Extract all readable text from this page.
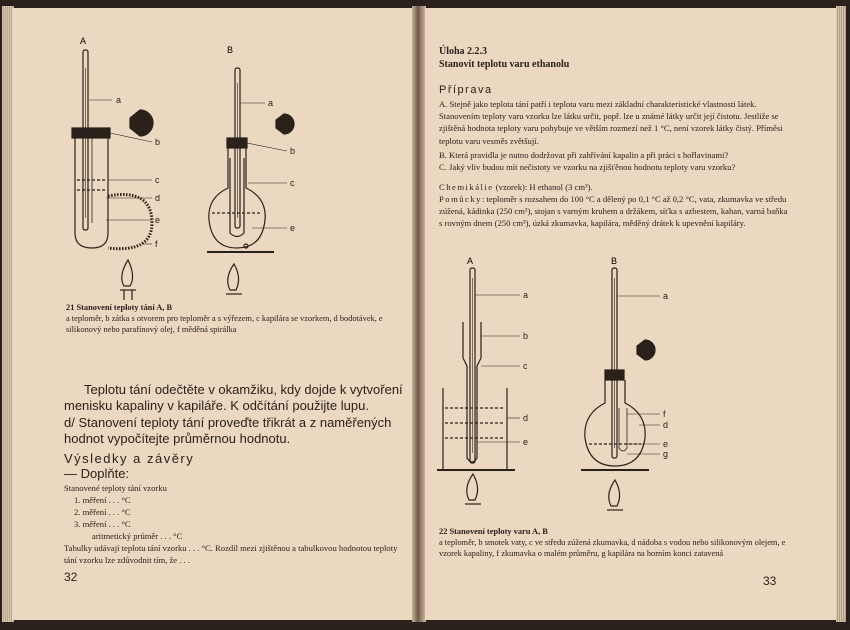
A
B
a
b
c
d
e
f
a
b
c
e
21 Stanovení teploty tání A, B
a teploměr, b zátka s otvorem pro teploměr a s výřezem, c kapilára se vzorkem, d bodotávek, e silikonový nebo parafínový olej, f měděná spirálka
Teplotu tání odečtěte v okamžiku, kdy dojde k vytvoření menisku kapaliny v kapiláře. K odčítání použijte lupu.
d/ Stanovení teploty tání proveďte třikrát a z naměřených hodnot vypočítejte průměrnou hodnotu.
Výsledky a závěry
— Doplňte:
Stanovené teploty tání vzorku
1. měření . . . °C
2. měření . . . °C
3. měření . . . °C
aritmetický průměr . . . °C
Tabulky udávají teplotu tání vzorku . . . °C. Rozdíl mezi zjištěnou a tabulkovou hodnotou teploty tání vzorku lze zdůvodnit tím, že . . .
32
Úloha 2.2.3
Stanovit teplotu varu ethanolu
Příprava
A. Stejně jako teplota tání patří i teplota varu mezi základní charakteristické vlastnosti látek. Stanovením teploty varu vzorku lze látku určit, popř. lze u známé látky určit její čistotu. Jestliže se zjištěná hodnota teploty varu pohybuje ve větším rozmezí než 1 °C, není vzorek látky čistý. Příměsi teplotu varu vesměs zvětšují.
B. Která pravidla je nutno dodržovat při zahřívání kapalin a při práci s hořlavinami?
C. Jaký vliv budou mít nečistoty ve vzorku na zjišťěnou hodnotu teploty varu vzorku?
Chemikálie (vzorek): H ethanol (3 cm³).
Pomůcky: teploměr s rozsahem do 100 °C a dělený po 0,1 °C až 0,2 °C, vata, zkumavka ve středu zúžená, kádinka (250 cm³), stojan s varným kruhem a držákem, síťka s azbestem, kahan, varná baňka s rovným dnem (250 cm³), úzká zkumavka, kapilára, měděný drátek k upevnění kapiláry.
A	B
a
b
c
d
e
a
f
d
e
g
22 Stanovení teploty varu A, B
a teploměr, b smotek vaty, c ve středu zúžená zkumavka, d nádoba s vodou nebo silikonovým olejem, e vzorek kapaliny, f zkumavka o malém průměru, g kapilára na horním konci zatavená
33
